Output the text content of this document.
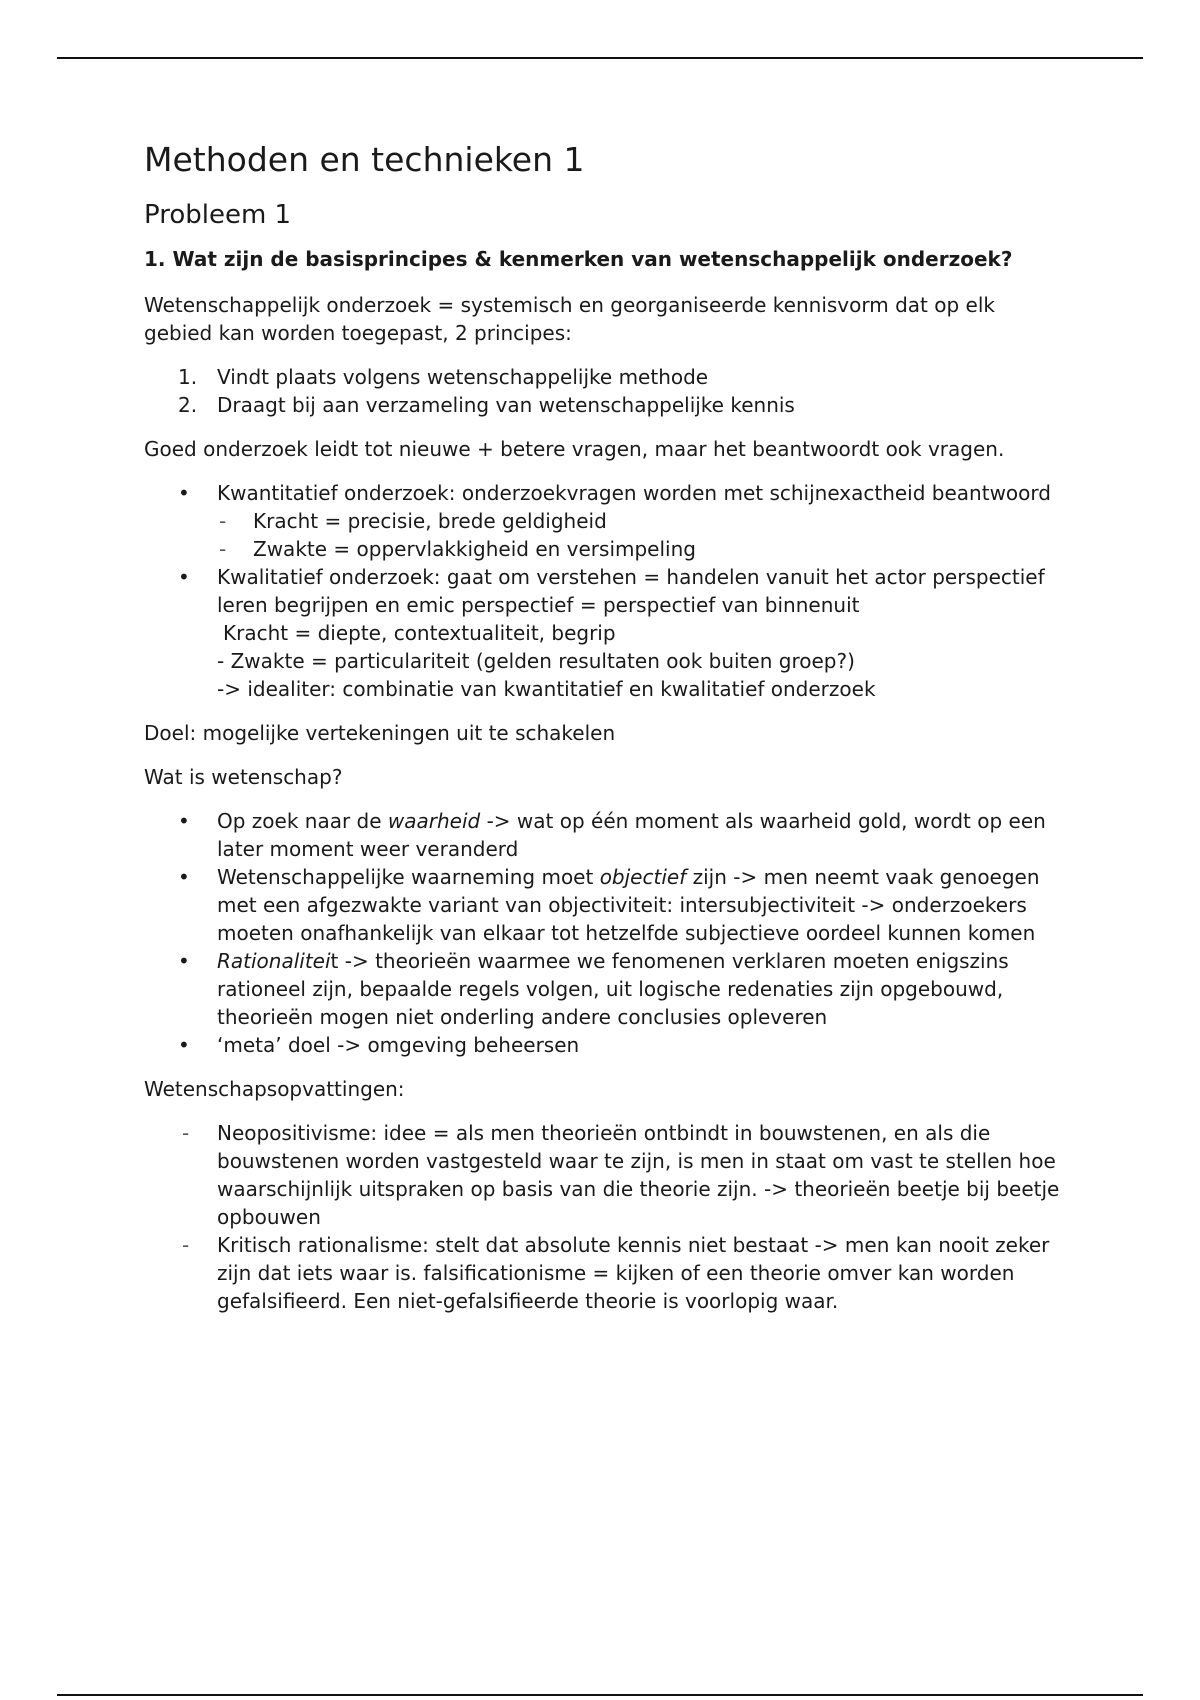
Methoden en technieken 1
Probleem 1
1. Wat zijn de basisprincipes & kenmerken van wetenschappelijk onderzoek?

Wetenschappelijk onderzoek = systemisch en georganiseerde kennisvorm dat op elk gebied kan worden toegepast, 2 principes:

1. Vindt plaats volgens wetenschappelijke methode
2. Draagt bij aan verzameling van wetenschappelijke kennis

Goed onderzoek leidt tot nieuwe + betere vragen, maar het beantwoordt ook vragen.

• Kwantitatief onderzoek: onderzoekvragen worden met schijnexactheid beantwoord
- Kracht = precisie, brede geldigheid
- Zwakte = oppervlakkigheid en versimpeling
• Kwalitatief onderzoek: gaat om verstehen = handelen vanuit het actor perspectief leren begrijpen en emic perspectief = perspectief van binnenuit
Kracht = diepte, contextualiteit, begrip
- Zwakte = particulariteit (gelden resultaten ook buiten groep?)
-> idealiter: combinatie van kwantitatief en kwalitatief onderzoek

Doel: mogelijke vertekeningen uit te schakelen

Wat is wetenschap?

• Op zoek naar de waarheid -> wat op één moment als waarheid gold, wordt op een later moment weer veranderd
• Wetenschappelijke waarneming moet objectief zijn -> men neemt vaak genoegen met een afgezwakte variant van objectiviteit: intersubjectiviteit -> onderzoekers moeten onafhankelijk van elkaar tot hetzelfde subjectieve oordeel kunnen komen
• Rationaliteit -> theorieën waarmee we fenomenen verklaren moeten enigszins rationeel zijn, bepaalde regels volgen, uit logische redenaties zijn opgebouwd, theorieën mogen niet onderling andere conclusies opleveren
• ‘meta’ doel -> omgeving beheersen

Wetenschapsopvattingen:

- Neopositivisme: idee = als men theorieën ontbindt in bouwstenen, en als die bouwstenen worden vastgesteld waar te zijn, is men in staat om vast te stellen hoe waarschijnlijk uitspraken op basis van die theorie zijn. -> theorieën beetje bij beetje opbouwen
- Kritisch rationalisme: stelt dat absolute kennis niet bestaat -> men kan nooit zeker zijn dat iets waar is. falsificationisme = kijken of een theorie omver kan worden gefalsifieerd. Een niet-gefalsifieerde theorie is voorlopig waar.
